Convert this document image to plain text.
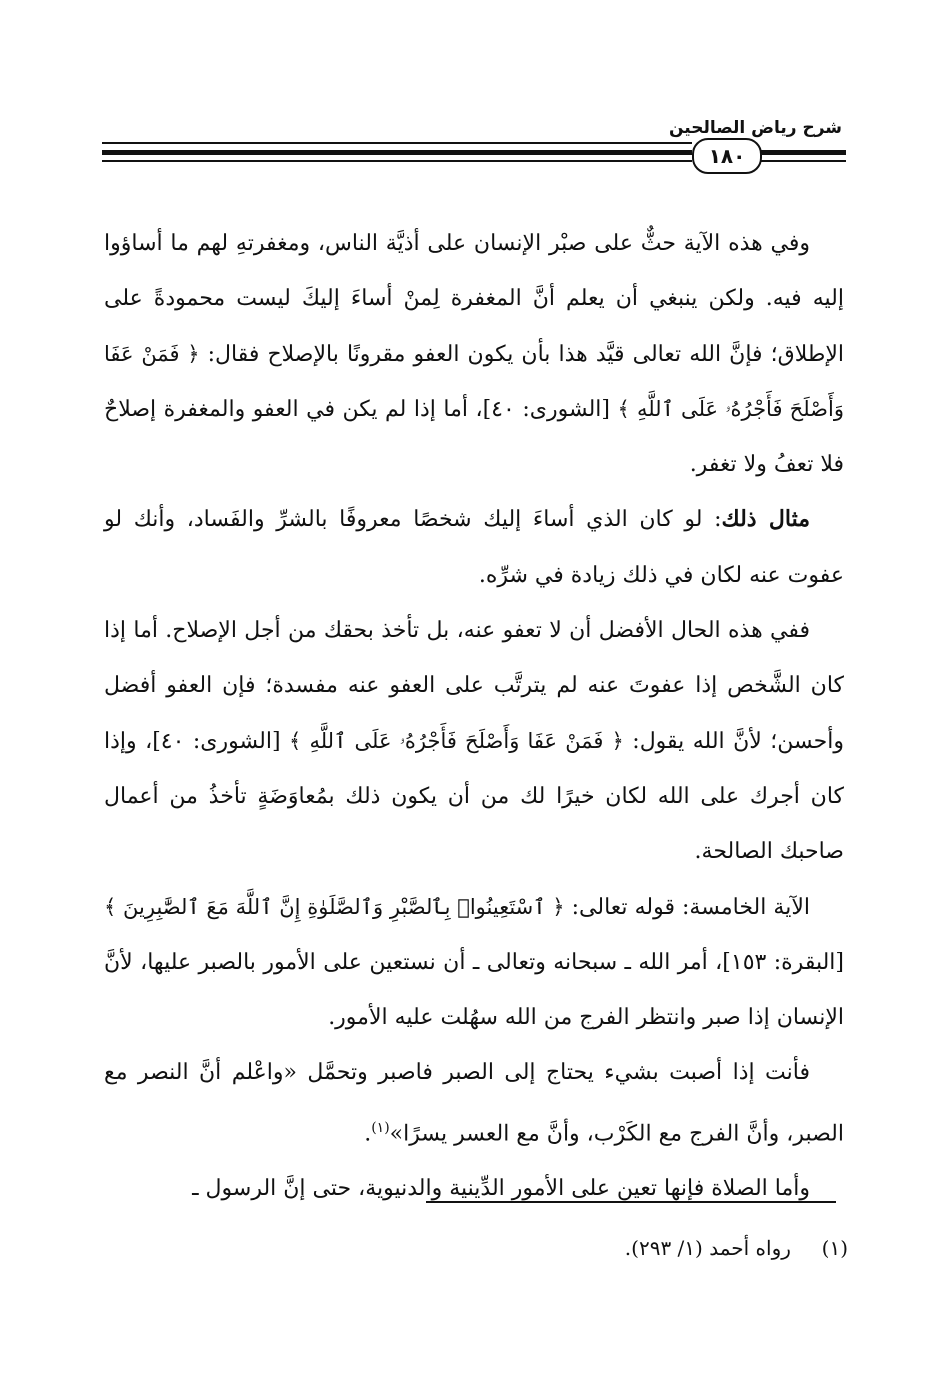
شرح رياض الصالحين
١٨٠

وفي هذه الآية حثٌّ على صبْر الإنسان على أذيَّة الناس، ومغفرتهِ لهم ما أساؤوا إليه فيه. ولكن ينبغي أن يعلم أنَّ المغفرة لِمنْ أساءَ إليكَ ليست محمودةً على الإطلاق؛ فإنَّ الله تعالى قيَّد هذا بأن يكون العفو مقرونًا بالإصلاح فقال: ﴿ فَمَنْ عَفَا وَأَصْلَحَ فَأَجْرُهُۥ عَلَى ٱللَّهِ ﴾ [الشورى: ٤٠]، أما إذا لم يكن في العفو والمغفرة إصلاحٌ فلا تعفُ ولا تغفر.

مثال ذلك: لو كان الذي أساءَ إليك شخصًا معروفًا بالشرِّ والفَساد، وأنك لو عفوت عنه لكان في ذلك زيادة في شرِّه.

ففي هذه الحال الأفضل أن لا تعفو عنه، بل تأخذ بحقك من أجل الإصلاح. أما إذا كان الشَّخص إذا عفوتَ عنه لم يترتَّب على العفو عنه مفسدة؛ فإن العفو أفضل وأحسن؛ لأنَّ الله يقول: ﴿ فَمَنْ عَفَا وَأَصْلَحَ فَأَجْرُهُۥ عَلَى ٱللَّهِ ﴾ [الشورى: ٤٠]، وإذا كان أجرك على الله لكان خيرًا لك من أن يكون ذلك بمُعاوَضَةٍ تأخذُ من أعمال صاحبك الصالحة.

الآية الخامسة: قوله تعالى: ﴿ ٱسْتَعِينُوا۟ بِٱلصَّبْرِ وَٱلصَّلَوٰةِ إِنَّ ٱللَّهَ مَعَ ٱلصَّٰبِرِينَ ﴾ [البقرة: ١٥٣]، أمر الله ـ سبحانه وتعالى ـ أن نستعين على الأمور بالصبر عليها، لأنَّ الإنسان إذا صبر وانتظر الفرج من الله سهُلت عليه الأمور.

فأنت إذا أصبت بشيء يحتاج إلى الصبر فاصبر وتحمَّل «واعْلم أنَّ النصر مع الصبر، وأنَّ الفرج مع الكَرْب، وأنَّ مع العسر يسرًا»$^{(١)}$.

وأما الصلاة فإنها تعين على الأمور الدِّينية والدنيوية، حتى إنَّ الرسول ـ

(١)  رواه أحمد (١/ ٢٩٣).
